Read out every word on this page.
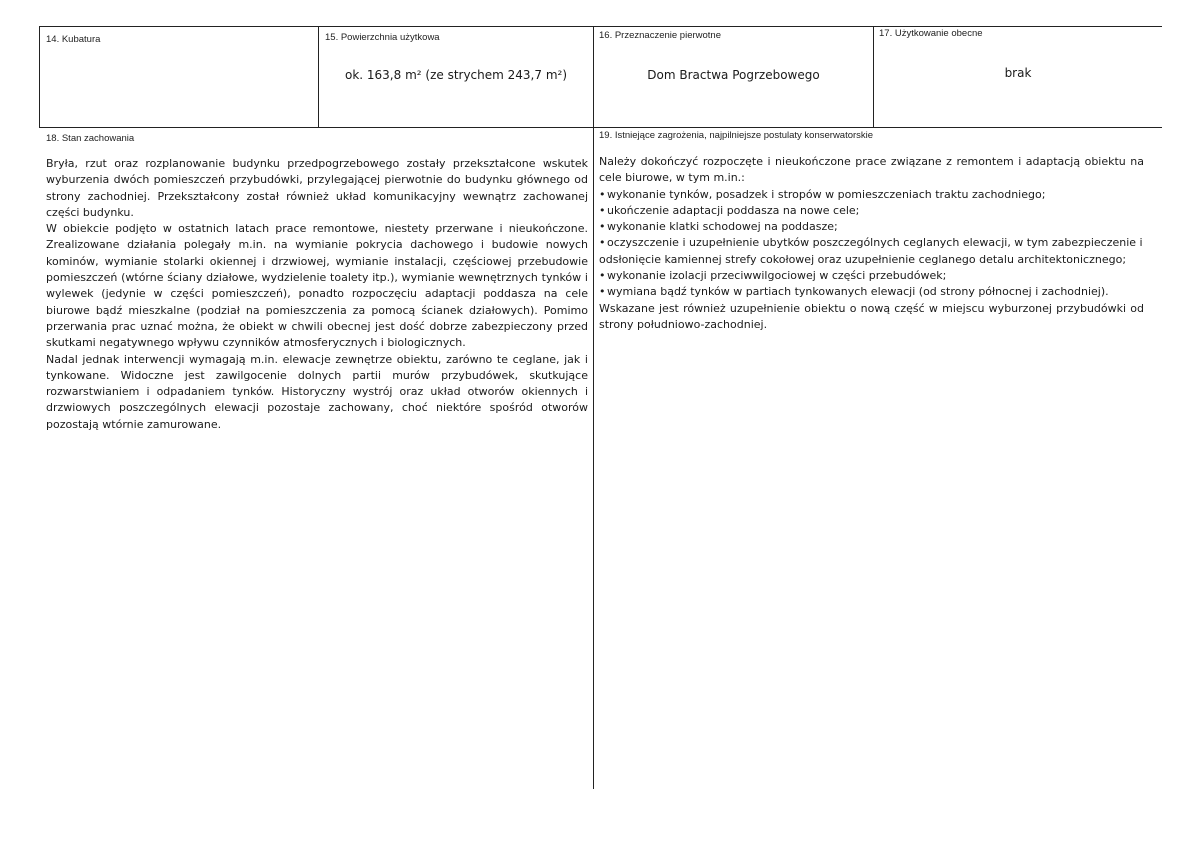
14. Kubatura	15. Powierzchnia użytkowa
ok. 163,8 m² (ze strychem 243,7 m²)
16. Przeznaczenie pierwotne
Dom Bractwa Pogrzebowego
17. Użytkowanie obecne
brak
18. Stan zachowania

Bryła, rzut oraz rozplanowanie budynku przedpogrzebowego zostały przekształcone wskutek wyburzenia dwóch pomieszczeń przybudówki, przylegającej pierwotnie do budynku głównego od strony zachodniej. Przekształcony został również układ komunikacyjny wewnątrz zachowanej części budynku.

W obiekcie podjęto w ostatnich latach prace remontowe, niestety przerwane i nieukończone. Zrealizowane działania polegały m.in. na wymianie pokrycia dachowego i budowie nowych kominów, wymianie stolarki okiennej i drzwiowej, wymianie instalacji, częściowej przebudowie pomieszczeń (wtórne ściany działowe, wydzielenie toalety itp.), wymianie wewnętrznych tynków i wylewek (jedynie w części pomieszczeń), ponadto rozpoczęciu adaptacji poddasza na cele biurowe bądź mieszkalne (podział na pomieszczenia za pomocą ścianek działowych). Pomimo przerwania prac uznać można, że obiekt w chwili obecnej jest dość dobrze zabezpieczony przed skutkami negatywnego wpływu czynników atmosferycznych i biologicznych.

Nadal jednak interwencji wymagają m.in. elewacje zewnętrze obiektu, zarówno te ceglane, jak i tynkowane. Widoczne jest zawilgocenie dolnych partii murów przybudówek, skutkujące rozwarstwianiem i odpadaniem tynków. Historyczny wystrój oraz układ otworów okiennych i drzwiowych poszczególnych elewacji pozostaje zachowany, choć niektóre spośród otworów pozostają wtórnie zamurowane.

19. Istniejące zagrożenia, najpilniejsze postulaty konserwatorskie

Należy dokończyć rozpoczęte i nieukończone prace związane z remontem i adaptacją obiektu na cele biurowe, w tym m.in.:

• wykonanie tynków, posadzek i stropów w pomieszczeniach traktu zachodniego;
• ukończenie adaptacji poddasza na nowe cele;
• wykonanie klatki schodowej na poddasze;
• oczyszczenie i uzupełnienie ubytków poszczególnych ceglanych elewacji, w tym zabezpieczenie i odsłonięcie kamiennej strefy cokołowej oraz uzupełnienie ceglanego detalu architektonicznego;
• wykonanie izolacji przeciwwilgociowej w części przebudówek;
• wymiana bądź tynków w partiach tynkowanych elewacji (od strony północnej i zachodniej).

Wskazane jest również uzupełnienie obiektu o nową część w miejscu wyburzonej przybudówki od strony południowo-zachodniej.
